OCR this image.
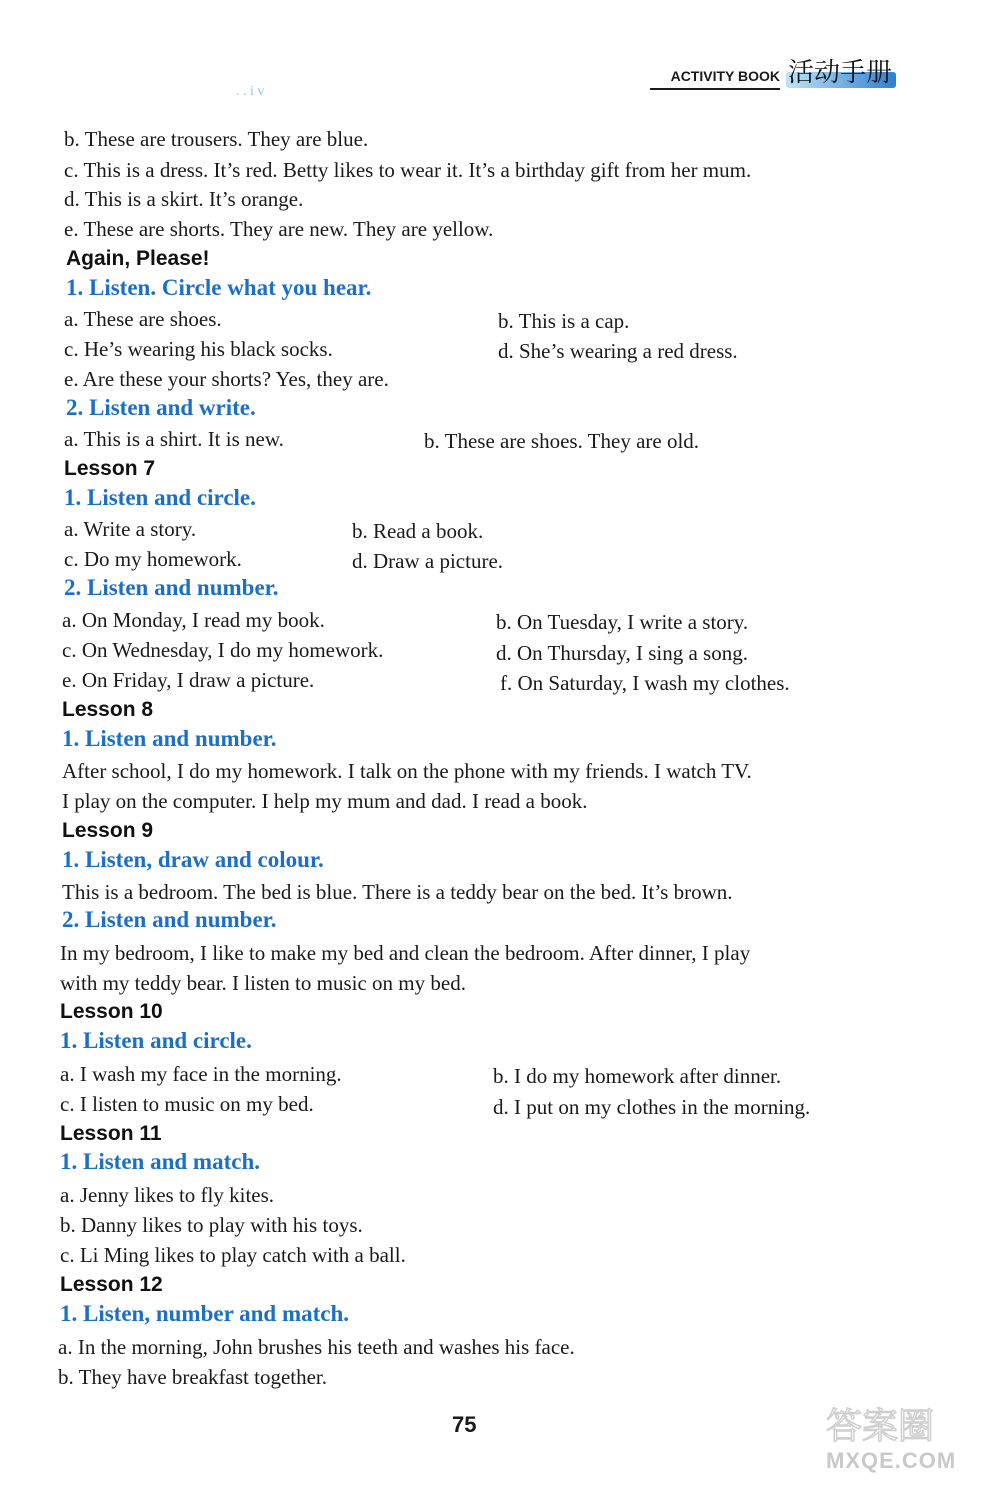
. . i v
ACTIVITY BOOK 活动手册
b. These are trousers. They are blue.
c. This is a dress. It’s red. Betty likes to wear it. It’s a birthday gift from her mum.
d. This is a skirt. It’s orange.
e. These are shorts. They are new. They are yellow.
Again, Please!
1. Listen. Circle what you hear.
a. These are shoes.	b. This is a cap.
c. He’s wearing his black socks.	d. She’s wearing a red dress.
e. Are these your shorts? Yes, they are.
2. Listen and write.
a. This is a shirt. It is new.	b. These are shoes. They are old.
Lesson 7
1. Listen and circle.
a. Write a story.	b. Read a book.
c. Do my homework.	d. Draw a picture.
2. Listen and number.
a. On Monday, I read my book.	b. On Tuesday, I write a story.
c. On Wednesday, I do my homework.	d. On Thursday, I sing a song.
e. On Friday, I draw a picture.	f. On Saturday, I wash my clothes.
Lesson 8
1. Listen and number.
After school, I do my homework. I talk on the phone with my friends. I watch TV.
I play on the computer. I help my mum and dad. I read a book.
Lesson 9
1. Listen, draw and colour.
This is a bedroom. The bed is blue. There is a teddy bear on the bed. It’s brown.
2. Listen and number.
In my bedroom, I like to make my bed and clean the bedroom. After dinner, I play
with my teddy bear. I listen to music on my bed.
Lesson 10
1. Listen and circle.
a. I wash my face in the morning.	b. I do my homework after dinner.
c. I listen to music on my bed.	d. I put on my clothes in the morning.
Lesson 11
1. Listen and match.
a. Jenny likes to fly kites.
b. Danny likes to play with his toys.
c. Li Ming likes to play catch with a ball.
Lesson 12
1. Listen, number and match.
a. In the morning, John brushes his teeth and washes his face.
b. They have breakfast together.
75	答案圈
MXQE.COM
